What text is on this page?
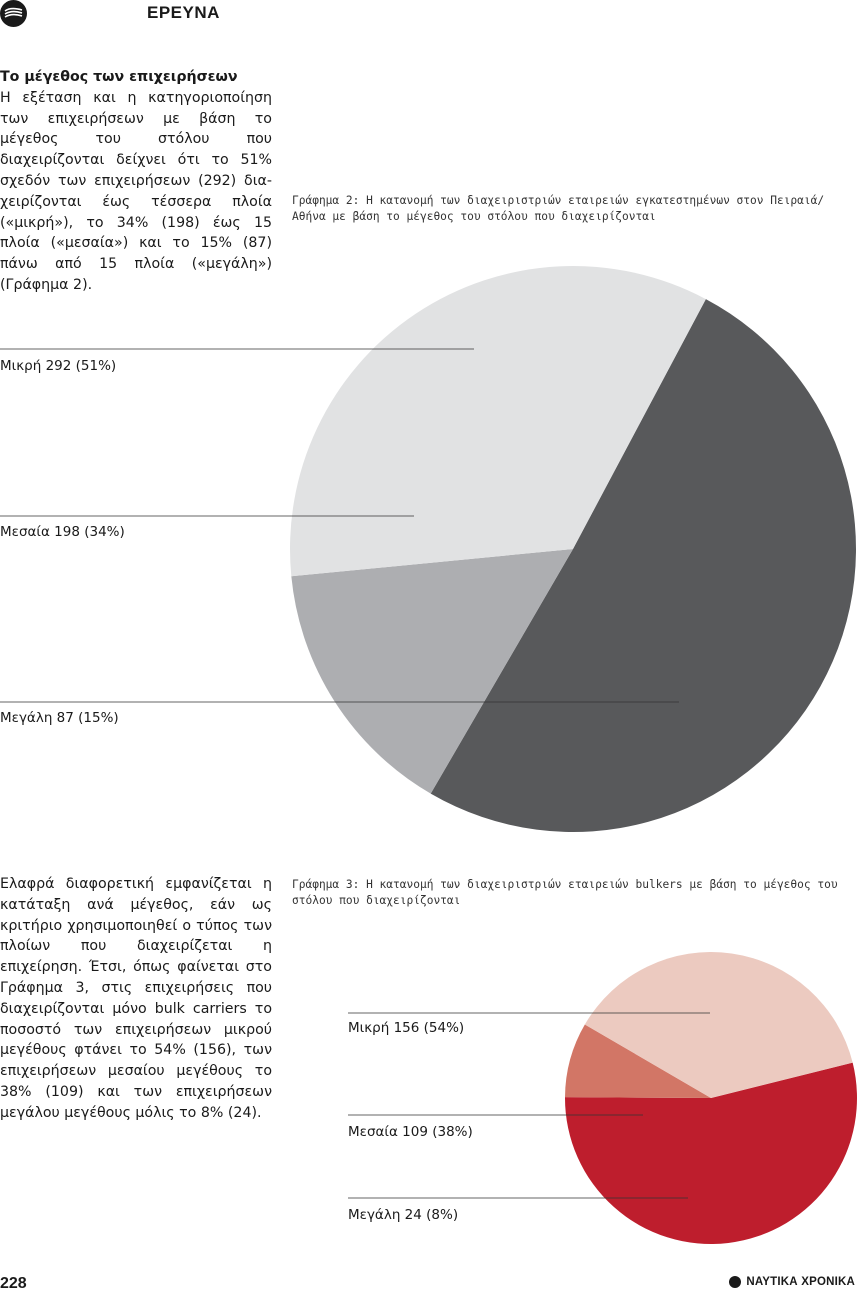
ΕΡΕΥΝΑ

Το μέγεθος των επιχειρήσεων

Η εξέταση και η κατηγοριοποίηση των επιχειρήσεων με βάση το μέγεθος του στόλου που διαχειρίζονται δείχνει ότι το 51% σχεδόν των επιχειρήσεων (292) διαχειρίζονται έως τέσσερα πλοία («μικρή»), το 34% (198) έως 15 πλοία («μεσαία») και το 15% (87) πάνω από 15 πλοία («μεγάλη») (Γράφημα 2).

Γράφημα 2: Η κατανομή των διαχειριστριών εταιρειών εγκατεστημένων στον Πειραιά/ Αθήνα με βάση το μέγεθος του στόλου που διαχειρίζονται
Μικρή 292 (51%)
Μεσαία 198 (34%)
Μεγάλη 87 (15%)

Ελαφρά διαφορετική εμφανίζεται η κατάταξη ανά μέγεθος, εάν ως κριτήριο χρησιμοποιηθεί ο τύπος των πλοίων που διαχειρίζεται η επιχείρηση. Έτσι, όπως φαίνεται στο Γράφημα 3, στις επιχειρήσεις που διαχειρίζονται μόνο bulk carriers το ποσοστό των επιχειρήσεων μικρού μεγέθους φτάνει το 54% (156), των επιχειρήσεων μεσαίου μεγέθους το 38% (109) και των επιχειρήσεων μεγάλου μεγέθους μόλις το 8% (24).

Γράφημα 3: Η κατανομή των διαχειριστριών εταιρειών bulkers με βάση το μέγεθος του στόλου που διαχειρίζονται
Μικρή 156 (54%)
Μεσαία 109 (38%)
Μεγάλη 24 (8%)
228	ΝΑΥΤΙΚΑ ΧΡΟΝΙΚΑ
